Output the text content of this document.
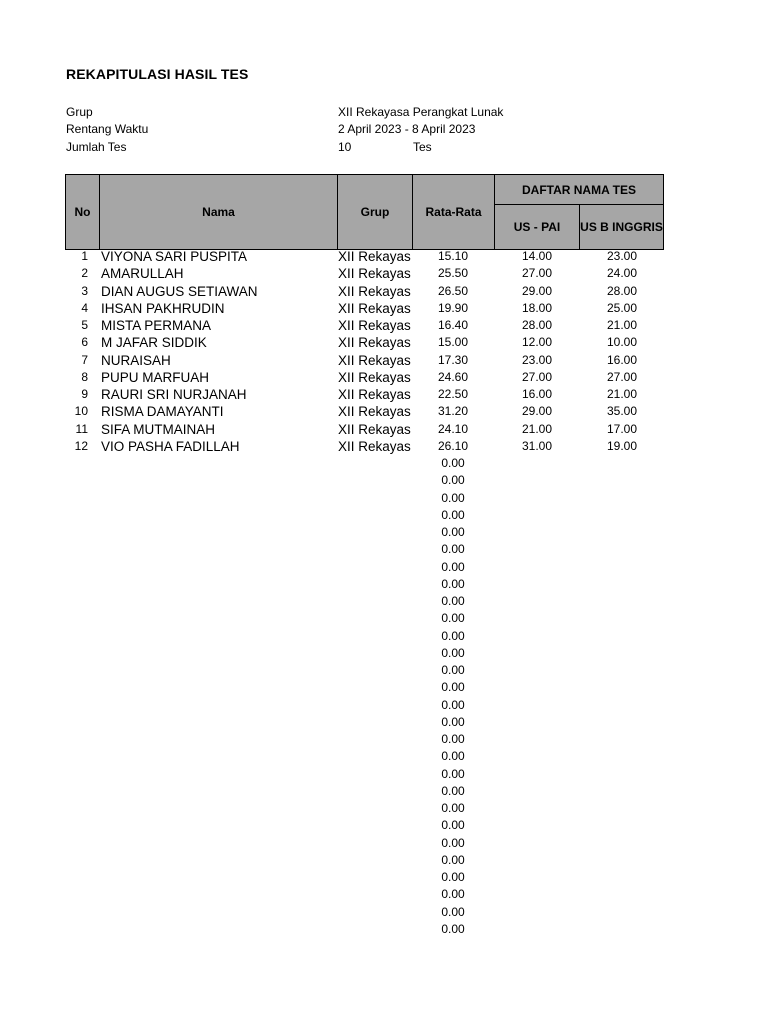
REKAPITULASI HASIL TES
Grup	XII Rekayasa Perangkat Lunak
Rentang Waktu	2 April 2023 - 8 April 2023
Jumlah Tes	10	Tes
No	Nama	Grup	Rata-Rata
DAFTAR NAMA TES
US - PAI	US B INGGRIS
1 VIYONA SARI PUSPITA	XII Rekayas	15.10	14.00	23.00
2 AMARULLAH	XII Rekayas	25.50	27.00	24.00
3 DIAN AUGUS SETIAWAN	XII Rekayas	26.50	29.00	28.00
4 IHSAN PAKHRUDIN	XII Rekayas	19.90	18.00	25.00
5 MISTA PERMANA	XII Rekayas	16.40	28.00	21.00
6 M JAFAR SIDDIK	XII Rekayas	15.00	12.00	10.00
7 NURAISAH	XII Rekayas	17.30	23.00	16.00
8 PUPU MARFUAH	XII Rekayas	24.60	27.00	27.00
9 RAURI SRI NURJANAH	XII Rekayas	22.50	16.00	21.00
10 RISMA DAMAYANTI	XII Rekayas	31.20	29.00	35.00
11 SIFA MUTMAINAH	XII Rekayas	24.10	21.00	17.00
12 VIO PASHA FADILLAH	XII Rekayas	26.10	31.00	19.00
0.00
0.00
0.00
0.00
0.00
0.00
0.00
0.00
0.00
0.00
0.00
0.00
0.00
0.00
0.00
0.00
0.00
0.00
0.00
0.00
0.00
0.00
0.00
0.00
0.00
0.00
0.00
0.00
